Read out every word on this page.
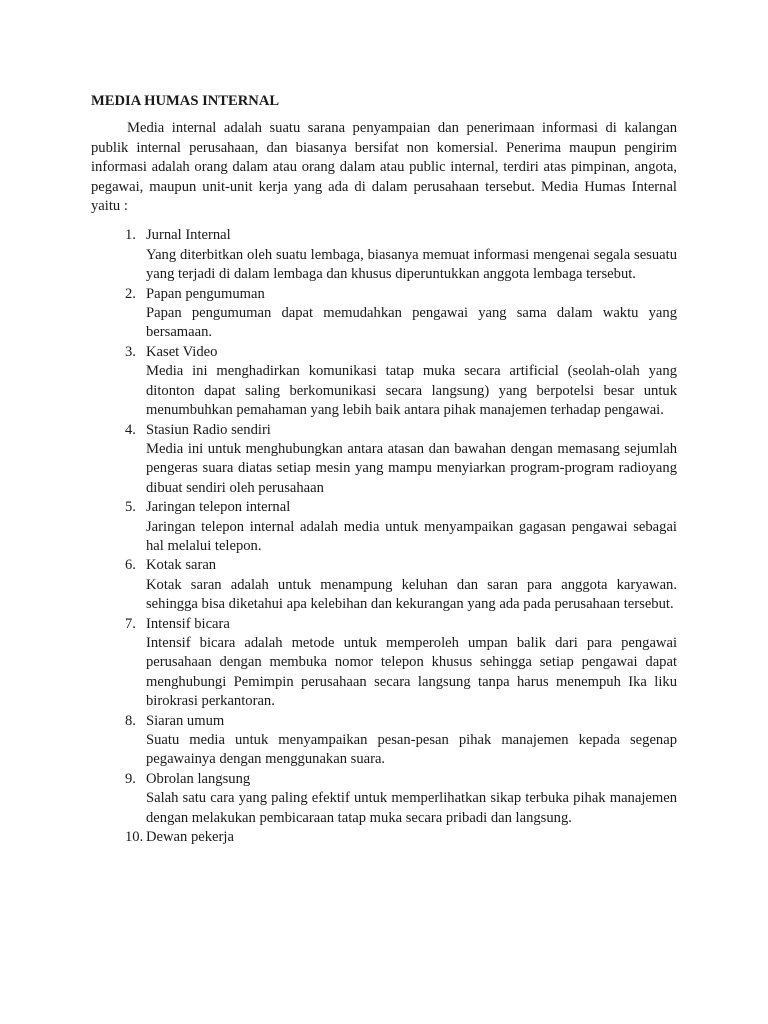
MEDIA HUMAS INTERNAL

Media internal adalah suatu sarana penyampaian dan penerimaan informasi di kalangan publik internal perusahaan, dan biasanya bersifat non komersial. Penerima maupun pengirim informasi adalah orang dalam atau orang dalam atau public internal, terdiri atas pimpinan, angota, pegawai, maupun unit-unit kerja yang ada di dalam perusahaan tersebut. Media Humas Internal yaitu :

1. Jurnal Internal
Yang diterbitkan oleh suatu lembaga, biasanya memuat informasi mengenai segala sesuatu yang terjadi di dalam lembaga dan khusus diperuntukkan anggota lembaga tersebut.
2. Papan pengumuman
Papan pengumuman dapat memudahkan pengawai yang sama dalam waktu yang bersamaan.
3. Kaset Video
Media ini menghadirkan komunikasi tatap muka secara artificial (seolah-olah yang ditonton dapat saling berkomunikasi secara langsung) yang berpotelsi besar untuk menumbuhkan pemahaman yang lebih baik antara pihak manajemen terhadap pengawai.
4. Stasiun Radio sendiri
Media ini untuk menghubungkan antara atasan dan bawahan dengan memasang sejumlah pengeras suara diatas setiap mesin yang mampu menyiarkan program-program radioyang dibuat sendiri oleh perusahaan
5. Jaringan telepon internal
Jaringan telepon internal adalah media untuk menyampaikan gagasan pengawai sebagai hal melalui telepon.
6. Kotak saran
Kotak saran adalah untuk menampung keluhan dan saran para anggota karyawan. sehingga bisa diketahui apa kelebihan dan kekurangan yang ada pada perusahaan tersebut.
7. Intensif bicara
Intensif bicara adalah metode untuk memperoleh umpan balik dari para pengawai perusahaan dengan membuka nomor telepon khusus sehingga setiap pengawai dapat menghubungi Pemimpin perusahaan secara langsung tanpa harus menempuh Ika liku birokrasi perkantoran.
8. Siaran umum
Suatu media untuk menyampaikan pesan-pesan pihak manajemen kepada segenap pegawainya dengan menggunakan suara.
9. Obrolan langsung
Salah satu cara yang paling efektif untuk memperlihatkan sikap terbuka pihak manajemen dengan melakukan pembicaraan tatap muka secara pribadi dan langsung.
10. Dewan pekerja
